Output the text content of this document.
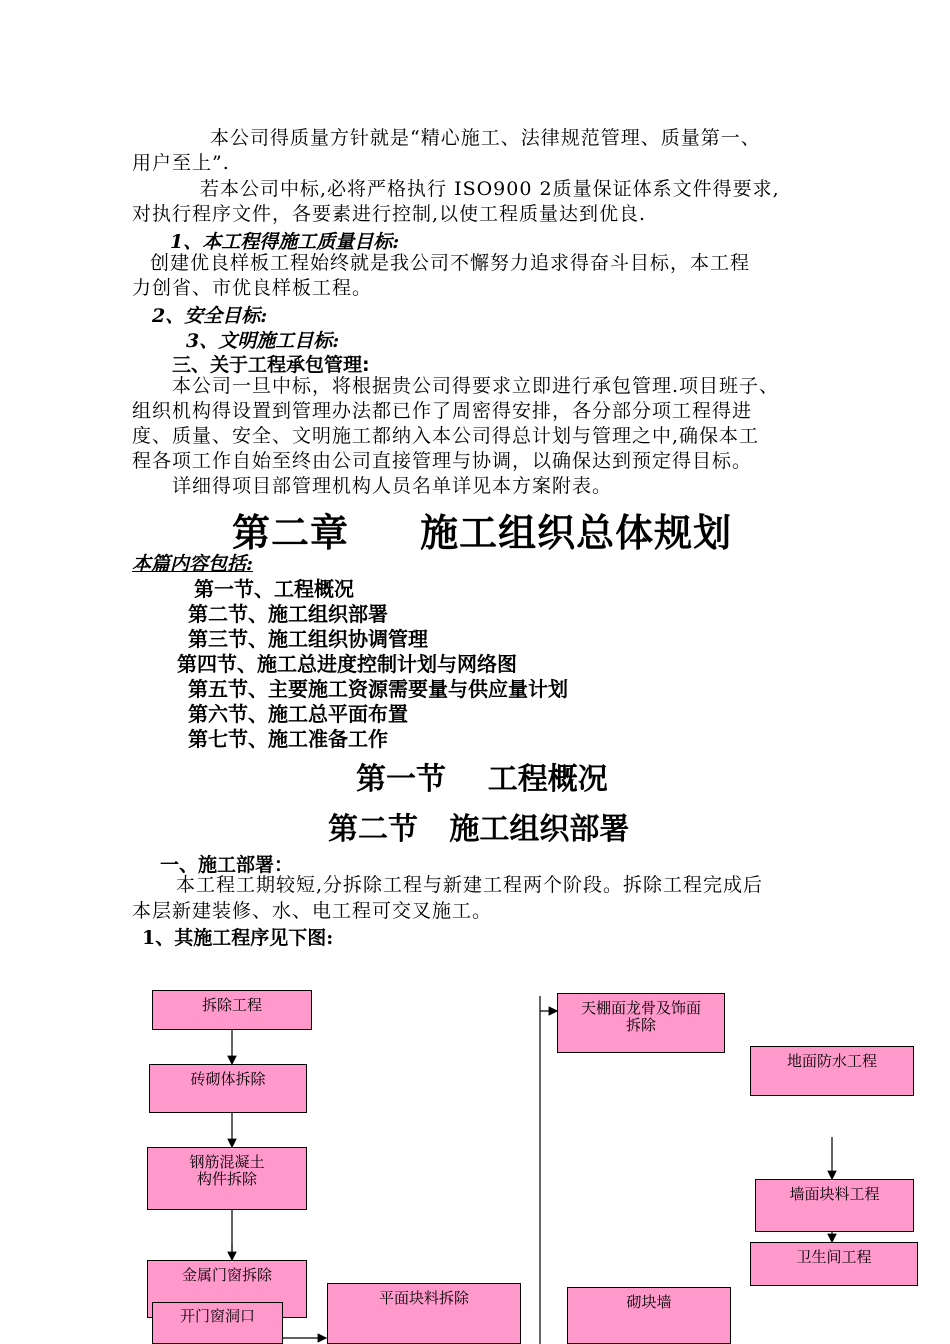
本公司得质量方针就是“精心施工、法律规范管理、质量第一、
用户至上”.
若本公司中标,必将严格执行 ISO900 2质量保证体系文件得要求,
对执行程序文件，各要素进行控制,以使工程质量达到优良.
1、本工程得施工质量目标:
创建优良样板工程始终就是我公司不懈努力追求得奋斗目标，本工程
力创省、市优良样板工程。
2、安全目标:
3、文明施工目标:
三、关于工程承包管理:
本公司一旦中标，将根据贵公司得要求立即进行承包管理.项目班子、
组织机构得设置到管理办法都已作了周密得安排，各分部分项工程得进
度、质量、安全、文明施工都纳入本公司得总计划与管理之中,确保本工
程各项工作自始至终由公司直接管理与协调，以确保达到预定得目标。
详细得项目部管理机构人员名单详见本方案附表。
第二章     施工组织总体规划
本篇内容包括:
第一节、工程概况
第二节、施工组织部署
第三节、施工组织协调管理
第四节、施工总进度控制计划与网络图
第五节、主要施工资源需要量与供应量计划
第六节、施工总平面布置
第七节、施工准备工作
第一节    工程概况
第二节   施工组织部署
一、施工部署：
本工程工期较短,分拆除工程与新建工程两个阶段。拆除工程完成后
本层新建装修、水、电工程可交叉施工。
1、其施工程序见下图:
拆除工程
砖砌体拆除
钢筋混凝土
构件拆除
金属门窗拆除
开门窗洞口
平面块料拆除
天棚面龙骨及饰面
拆除
砌块墙
地面防水工程
墙面块料工程
卫生间工程
